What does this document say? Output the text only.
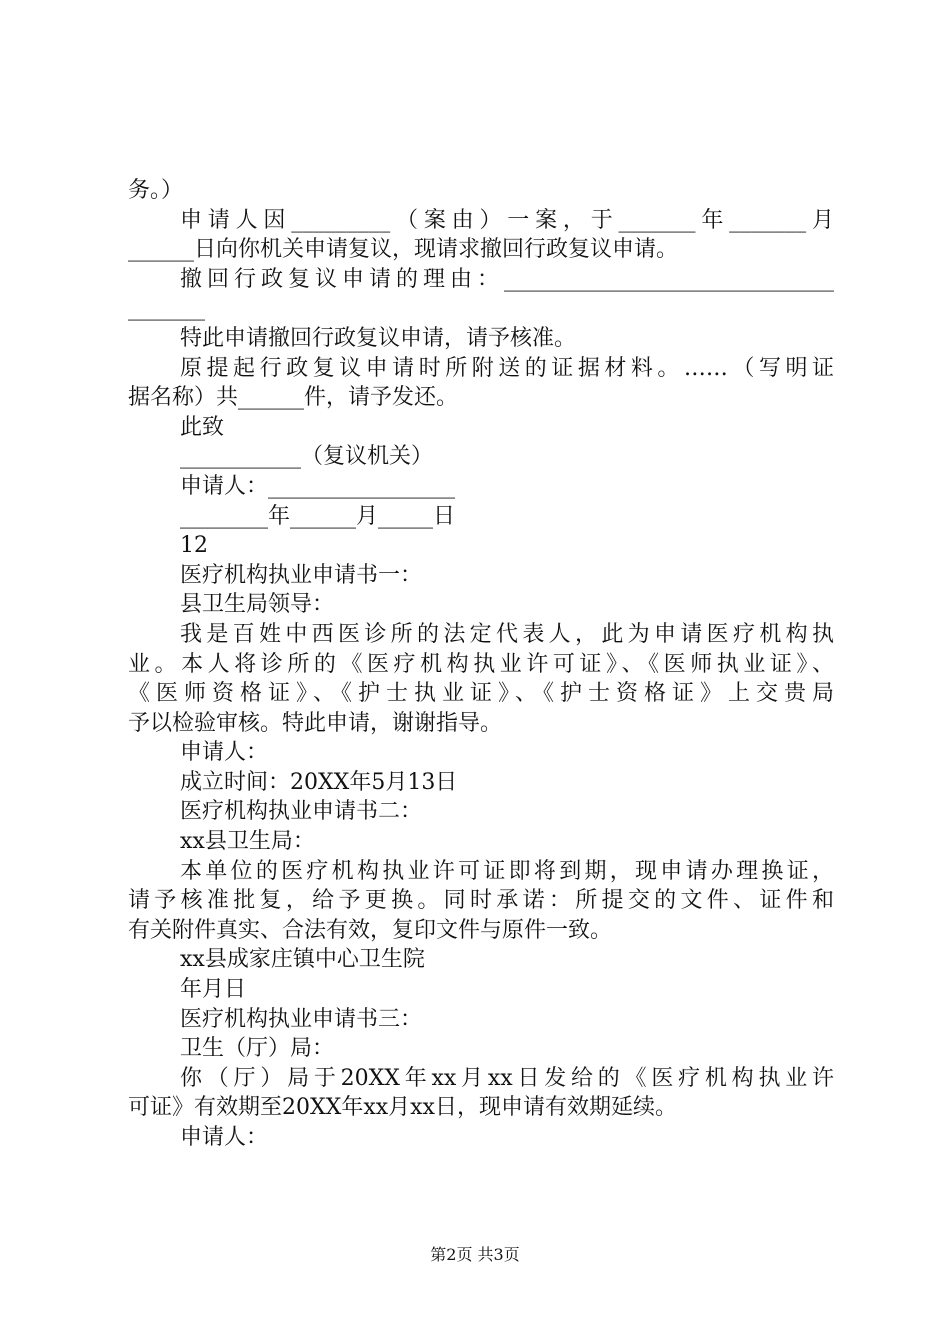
务。）
申请人因_________（案由）一案，于_______年_______月
______日向你机关申请复议，现请求撤回行政复议申请。
撤回行政复议申请的理由：______________________________
_______
特此申请撤回行政复议申请，请予核准。
原提起行政复议申请时所附送的证据材料。……（写明证
据名称）共______件，请予发还。
此致
___________（复议机关）
申请人：_________________
________年______月_____日
12
医疗机构执业申请书一：
县卫生局领导：
我是百姓中西医诊所的法定代表人，此为申请医疗机构执
业。本人将诊所的《医疗机构执业许可证》、《医师执业证》、
《医师资格证》、《护士执业证》、《护士资格证》上交贵局
予以检验审核。特此申请，谢谢指导。
申请人：
成立时间：20XX年5月13日
医疗机构执业申请书二：
xx县卫生局：
本单位的医疗机构执业许可证即将到期，现申请办理换证，
请予核准批复，给予更换。同时承诺：所提交的文件、证件和
有关附件真实、合法有效，复印文件与原件一致。
xx县成家庄镇中心卫生院
年月日
医疗机构执业申请书三：
卫生（厅）局：
你（厅）局于20XX年xx月xx日发给的《医疗机构执业许
可证》有效期至20XX年xx月xx日，现申请有效期延续。
申请人：
第2页 共3页
